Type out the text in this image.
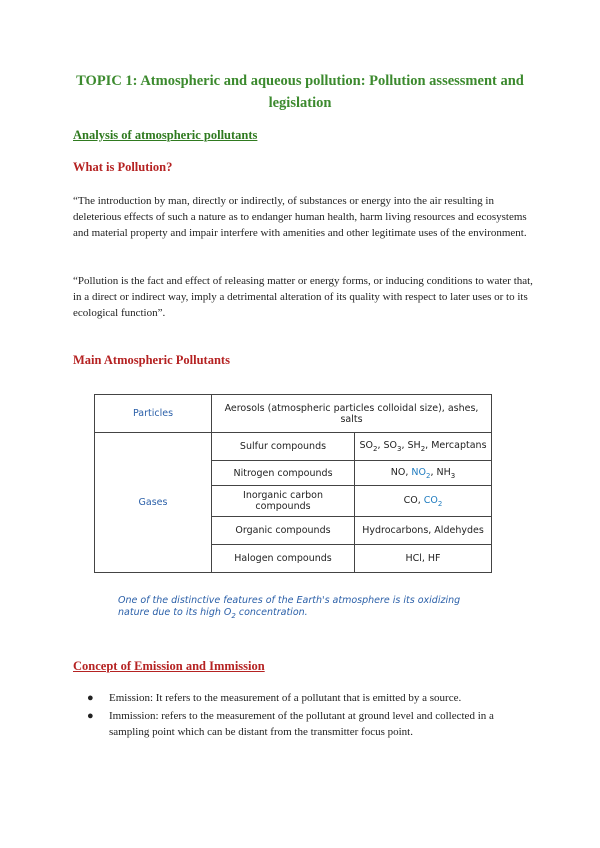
TOPIC 1: Atmospheric and aqueous pollution: Pollution assessment and legislation
Analysis of atmospheric pollutants
What is Pollution?

“The introduction by man, directly or indirectly, of substances or energy into the air resulting in deleterious effects of such a nature as to endanger human health, harm living resources and ecosystems and material property and impair interfere with amenities and other legitimate uses of the environment.

“Pollution is the fact and effect of releasing matter or energy forms, or inducing conditions to water that, in a direct or indirect way, imply a detrimental alteration of its quality with respect to later uses or to its ecological function”.

Main Atmospheric Pollutants
Particles	Aerosols (atmospheric particles colloidal size), ashes, salts	
Gases	Sulfur compounds	$SO_2$, $SO_3$, $SH_2$, Mercaptans
	Nitrogen compounds	NO, $NO_2$, $NH_3$
	Inorganic carbon compounds	CO, $CO_2$
	Organic compounds	Hydrocarbons, Aldehydes
	Halogen compounds	HCl, HF
One of the distinctive features of the Earth's atmosphere is its oxidizing nature due to its high $O_2$ concentration.
Concept of Emission and Immission
● Emission: It refers to the measurement of a pollutant that is emitted by a source.
● Immission: refers to the measurement of the pollutant at ground level and collected in a sampling point which can be distant from the transmitter focus point.
